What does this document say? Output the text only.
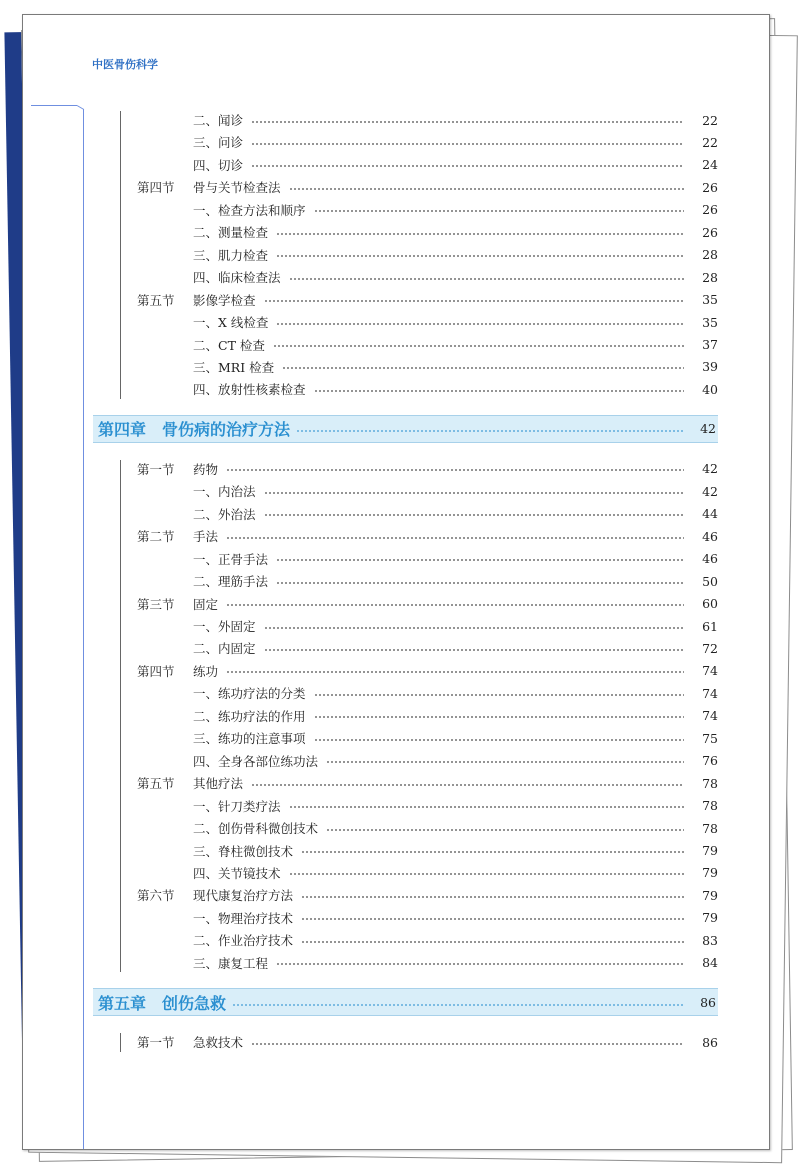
中医骨伤科学
二、闻诊	22
三、问诊	22
四、切诊	24
第四节	骨与关节检查法	26
一、检查方法和顺序	26
二、测量检查	26
三、肌力检查	28
四、临床检查法	28
第五节	影像学检查	35
一、X 线检查	35
二、CT 检查	37
三、MRI 检查	39
四、放射性核素检查	40
第四章 骨伤病的治疗方法	42
第一节	药物	42
一、内治法	42
二、外治法	44
第二节	手法	46
一、正骨手法	46
二、理筋手法	50
第三节	固定	60
一、外固定	61
二、内固定	72
第四节	练功	74
一、练功疗法的分类	74
二、练功疗法的作用	74
三、练功的注意事项	75
四、全身各部位练功法	76
第五节	其他疗法	78
一、针刀类疗法	78
二、创伤骨科微创技术	78
三、脊柱微创技术	79
四、关节镜技术	79
第六节	现代康复治疗方法	79
一、物理治疗技术	79
二、作业治疗技术	83
三、康复工程	84
第五章 创伤急救	86
第一节	急救技术	86
